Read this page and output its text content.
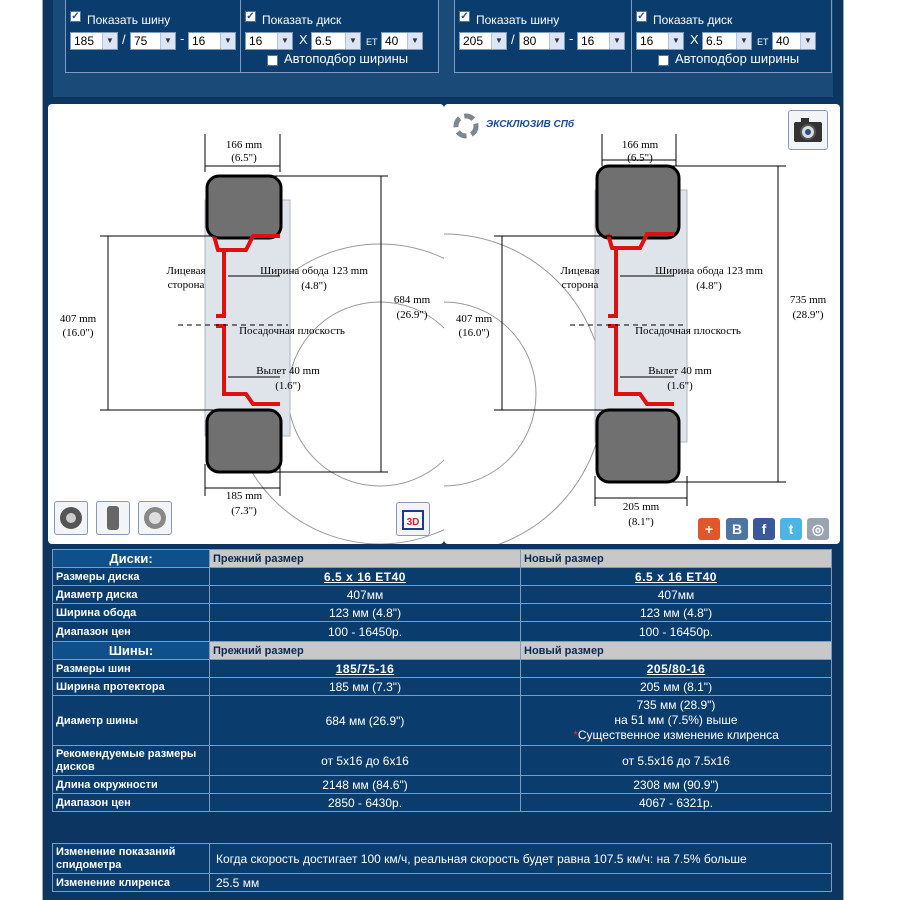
✓ Показать шину
185	▼ / 75	▼ - 16	▼
✓ Показать диск
16	▼ X 6.5	▼	ЕТ 40	▼
Автоподбор ширины
✓ Показать шину
205	▼ / 80	▼ - 16	▼
✓ Показать диск
16	▼ X 6.5	▼	ЕТ 40	▼
Автоподбор ширины
166 mm
(6.5")
407 mm
(16.0")
Лицевая
сторона
Ширина обода 123 mm
(4.8")
Посадочная плоскость
Вылет 40 mm
(1.6")
684 mm
(26.9")
185 mm
(7.3")
3D
166 mm
(6.5")
407 mm
(16.0")
Лицевая
сторона
Ширина обода 123 mm
(4.8")
Посадочная плоскость
Вылет 40 mm
(1.6")
735 mm
(28.9")
205 mm
(8.1")
ЭКСКЛЮЗИВ СПб
+	В	f	t	◎
Диски:	Прежний размер	Новый размер
Размеры диска	6.5 x 16 ET40	6.5 x 16 ET40
Диаметр диска	407мм	407мм
Ширина обода	123 мм (4.8")	123 мм (4.8")
Диапазон цен	100 - 16450р.	100 - 16450р.
Шины:	Прежний размер	Новый размер
Размеры шин	185/75-16	205/80-16
Ширина протектора	185 мм (7.3")	205 мм (8.1")
Диаметр шины	684 мм (26.9")	735 мм (28.9")
на 51 мм (7.5%) выше
*Существенное изменение клиренса

Рекомендуемые размеры дисков	от 5x16 до 6x16	от 5.5x16 до 7.5x16
Длина окружности	2148 мм (84.6")	2308 мм (90.9")
Диапазон цен	2850 - 6430р.	4067 - 6321р.
Изменение показаний спидометра	Когда скорость достигает 100 км/ч, реальная скорость будет равна 107.5 км/ч: на 7.5% больше
Изменение клиренса	25.5 мм
